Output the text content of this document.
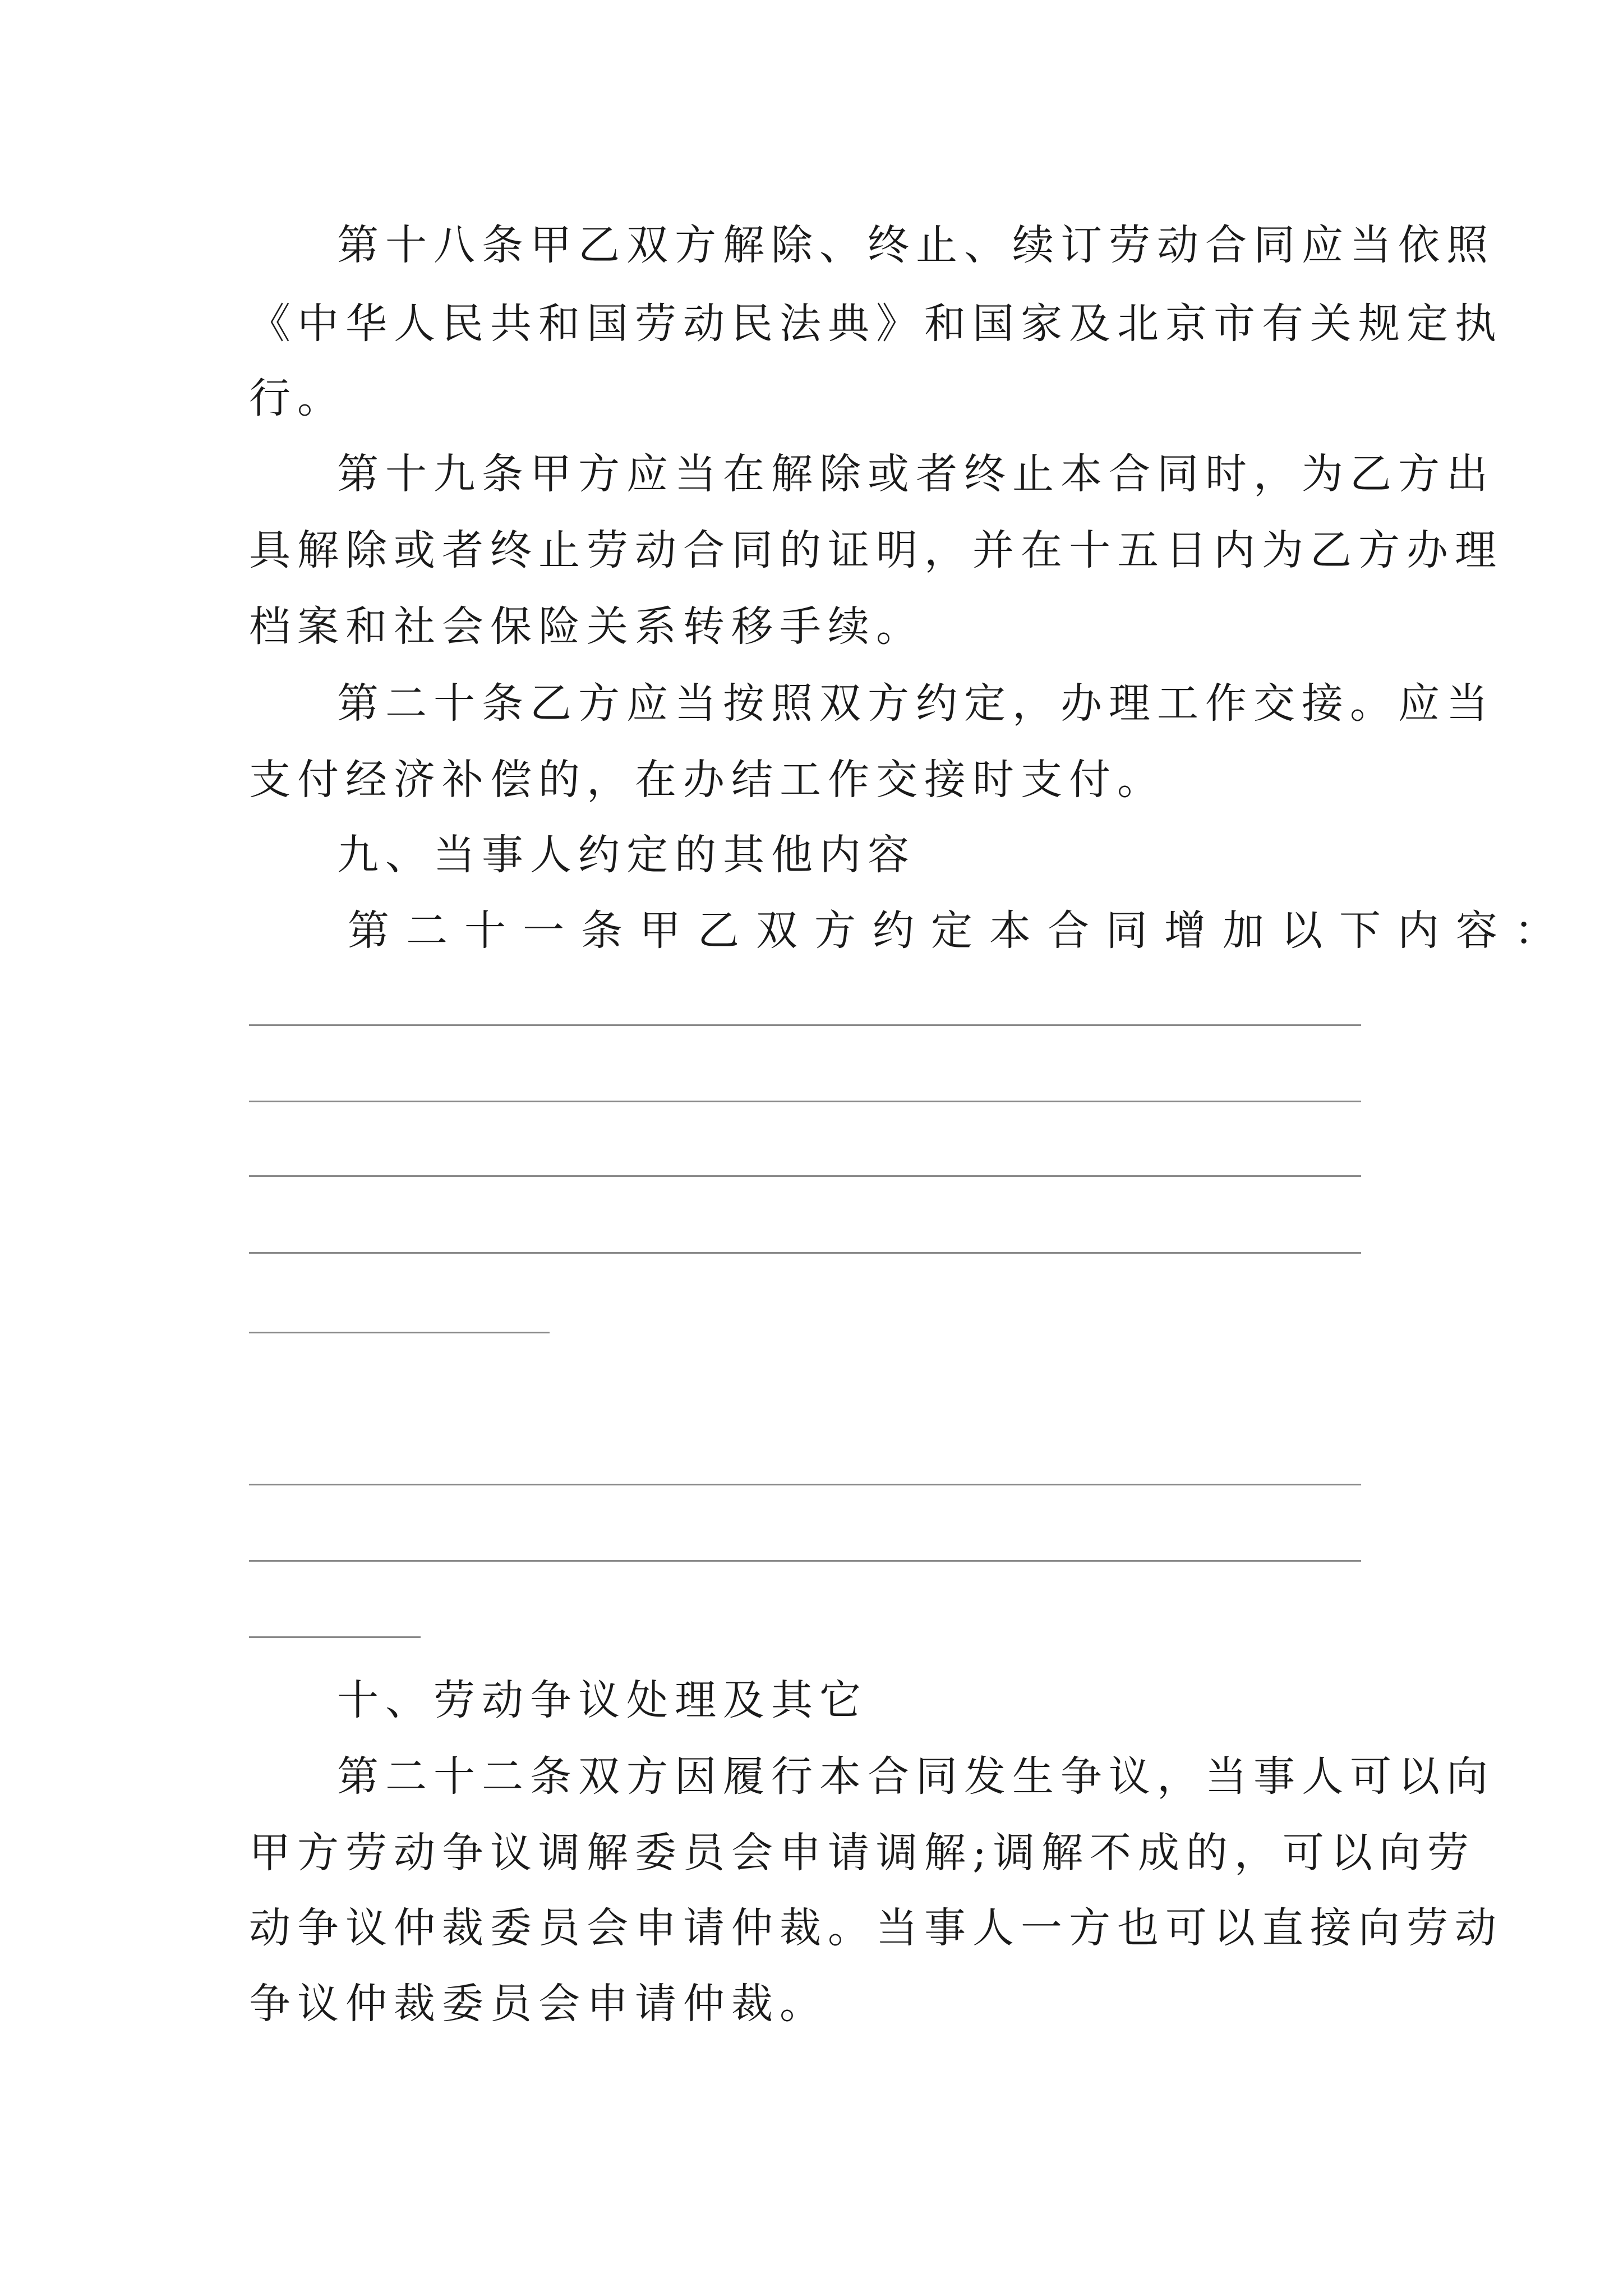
第十八条甲乙双方解除、终止、续订劳动合同应当依照

《中华人民共和国劳动民法典》和国家及北京市有关规定执

行。

第十九条甲方应当在解除或者终止本合同时，为乙方出

具解除或者终止劳动合同的证明，并在十五日内为乙方办理

档案和社会保险关系转移手续。

第二十条乙方应当按照双方约定，办理工作交接。应当

支付经济补偿的，在办结工作交接时支付。

九、当事人约定的其他内容

第二十一条甲乙双方约定本合同增加以下内容：

十、劳动争议处理及其它

第二十二条双方因履行本合同发生争议，当事人可以向

甲方劳动争议调解委员会申请调解;调解不成的，可以向劳

动争议仲裁委员会申请仲裁。当事人一方也可以直接向劳动

争议仲裁委员会申请仲裁。
